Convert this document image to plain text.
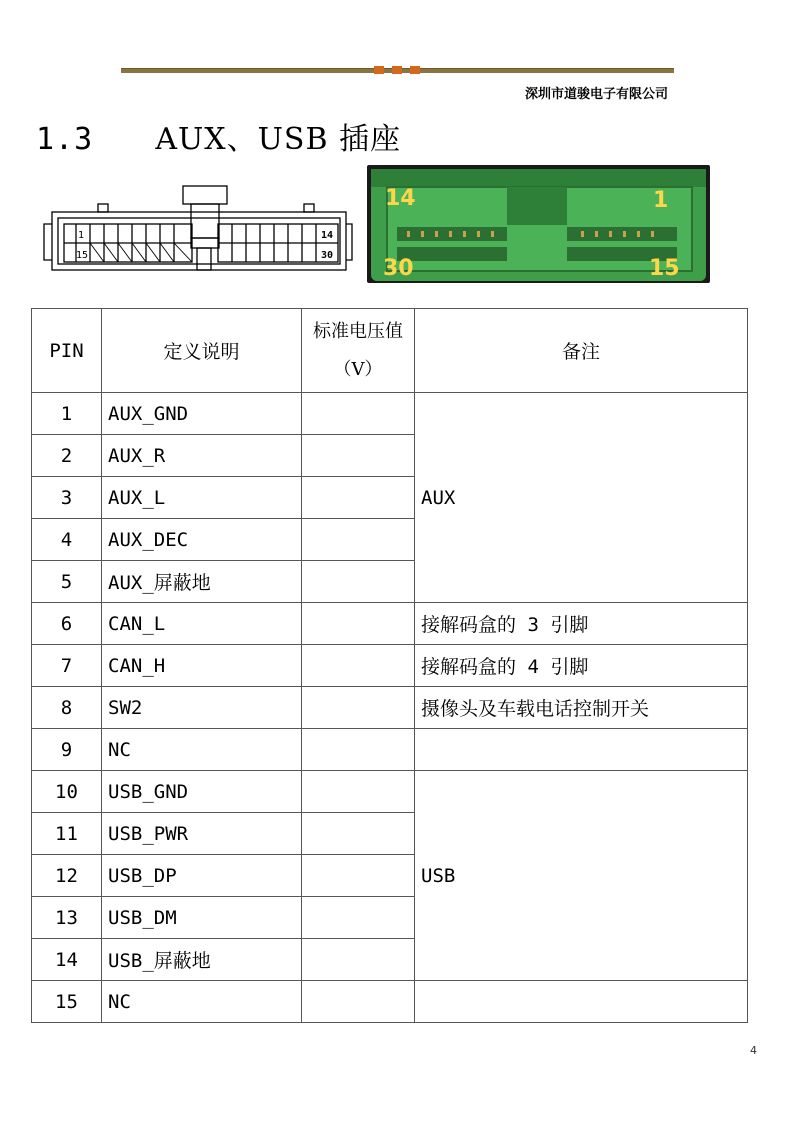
深圳市道骏电子有限公司
1.3 AUX、USB 插座
1
15
14
30
14	1
30	15
PIN	定义说明	标准电压值（V）	备注
1	AUX_GND		AUX
2	AUX_R		
3	AUX_L		
4	AUX_DEC		
5	AUX_屏蔽地		
6	CAN_L		接解码盒的 3 引脚
7	CAN_H		接解码盒的 4 引脚
8	SW2		摄像头及车载电话控制开关
9	NC		
10	USB_GND		USB
11	USB_PWR		
12	USB_DP		
13	USB_DM		
14	USB_屏蔽地		
15	NC		
4
